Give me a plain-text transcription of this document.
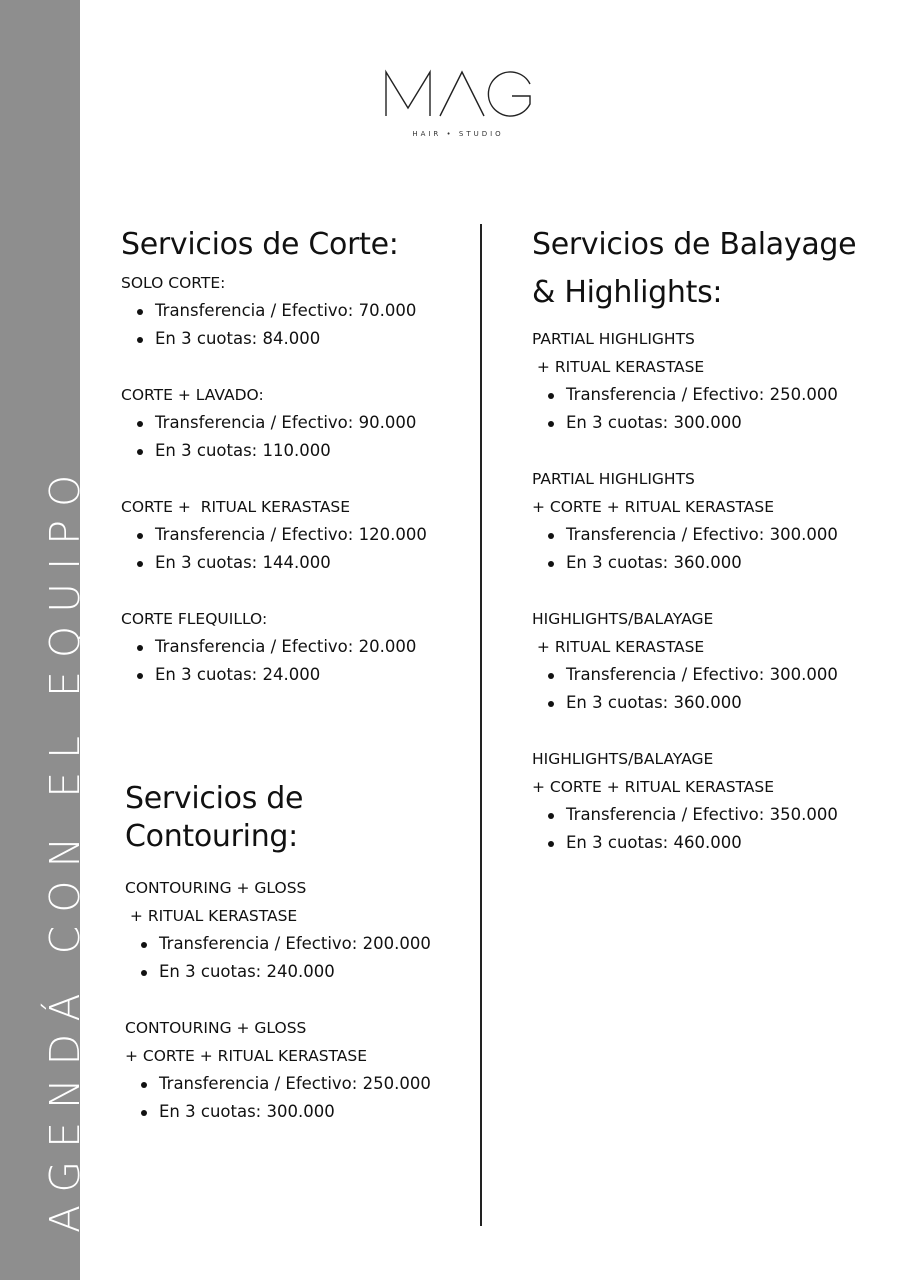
AGENDÁ CON EL EQUIPO
HAIR • STUDIO
Servicios de Corte:
SOLO CORTE:
Transferencia / Efectivo: 70.000
En 3 cuotas: 84.000
CORTE + LAVADO:
Transferencia / Efectivo: 90.000
En 3 cuotas: 110.000
CORTE +  RITUAL KERASTASE
Transferencia / Efectivo: 120.000
En 3 cuotas: 144.000
CORTE FLEQUILLO:
Transferencia / Efectivo: 20.000
En 3 cuotas: 24.000
Servicios de
Contouring:
CONTOURING + GLOSS
+ RITUAL KERASTASE
Transferencia / Efectivo: 200.000
En 3 cuotas: 240.000
CONTOURING + GLOSS
+ CORTE + RITUAL KERASTASE
Transferencia / Efectivo: 250.000
En 3 cuotas: 300.000
Servicios de Balayage
& Highlights:
PARTIAL HIGHLIGHTS
+ RITUAL KERASTASE
Transferencia / Efectivo: 250.000
En 3 cuotas: 300.000
PARTIAL HIGHLIGHTS
+ CORTE + RITUAL KERASTASE
Transferencia / Efectivo: 300.000
En 3 cuotas: 360.000
HIGHLIGHTS/BALAYAGE
+ RITUAL KERASTASE
Transferencia / Efectivo: 300.000
En 3 cuotas: 360.000
HIGHLIGHTS/BALAYAGE
+ CORTE + RITUAL KERASTASE
Transferencia / Efectivo: 350.000
En 3 cuotas: 460.000
